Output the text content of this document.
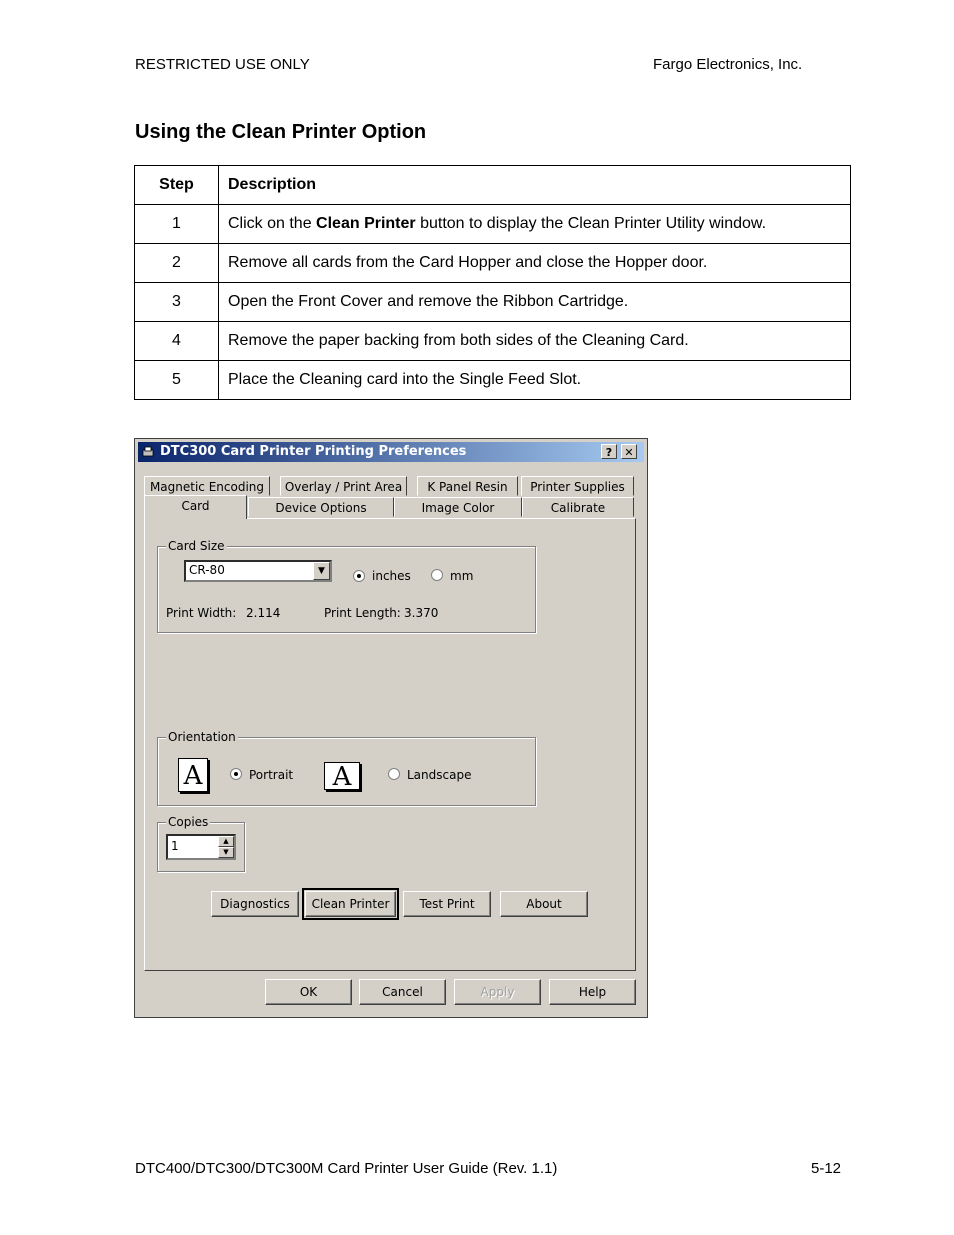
RESTRICTED USE ONLY	Fargo Electronics, Inc.
Using the Clean Printer Option
Step	Description
1	Click on the Clean Printer button to display the Clean Printer Utility window.
2	Remove all cards from the Card Hopper and close the Hopper door.
3	Open the Front Cover and remove the Ribbon Cartridge.
4	Remove the paper backing from both sides of the Cleaning Card.
5	Place the Cleaning card into the Single Feed Slot.
DTC300 Card Printer Printing Preferences	?	✕
Magnetic Encoding	Overlay / Print Area	K Panel Resin	Printer Supplies
Card	Device Options	Image Color	Calibrate
Card Size
CR-80	▼	inches	mm
Print Width: 2.114	Print Length: 3.370
Orientation
A	Portrait	A	Landscape
Copies
1	▲
▼
Diagnostics	Clean Printer	Test Print	About
OK	Cancel	Apply	Help
DTC400/DTC300/DTC300M Card Printer User Guide (Rev. 1.1)	5-12
